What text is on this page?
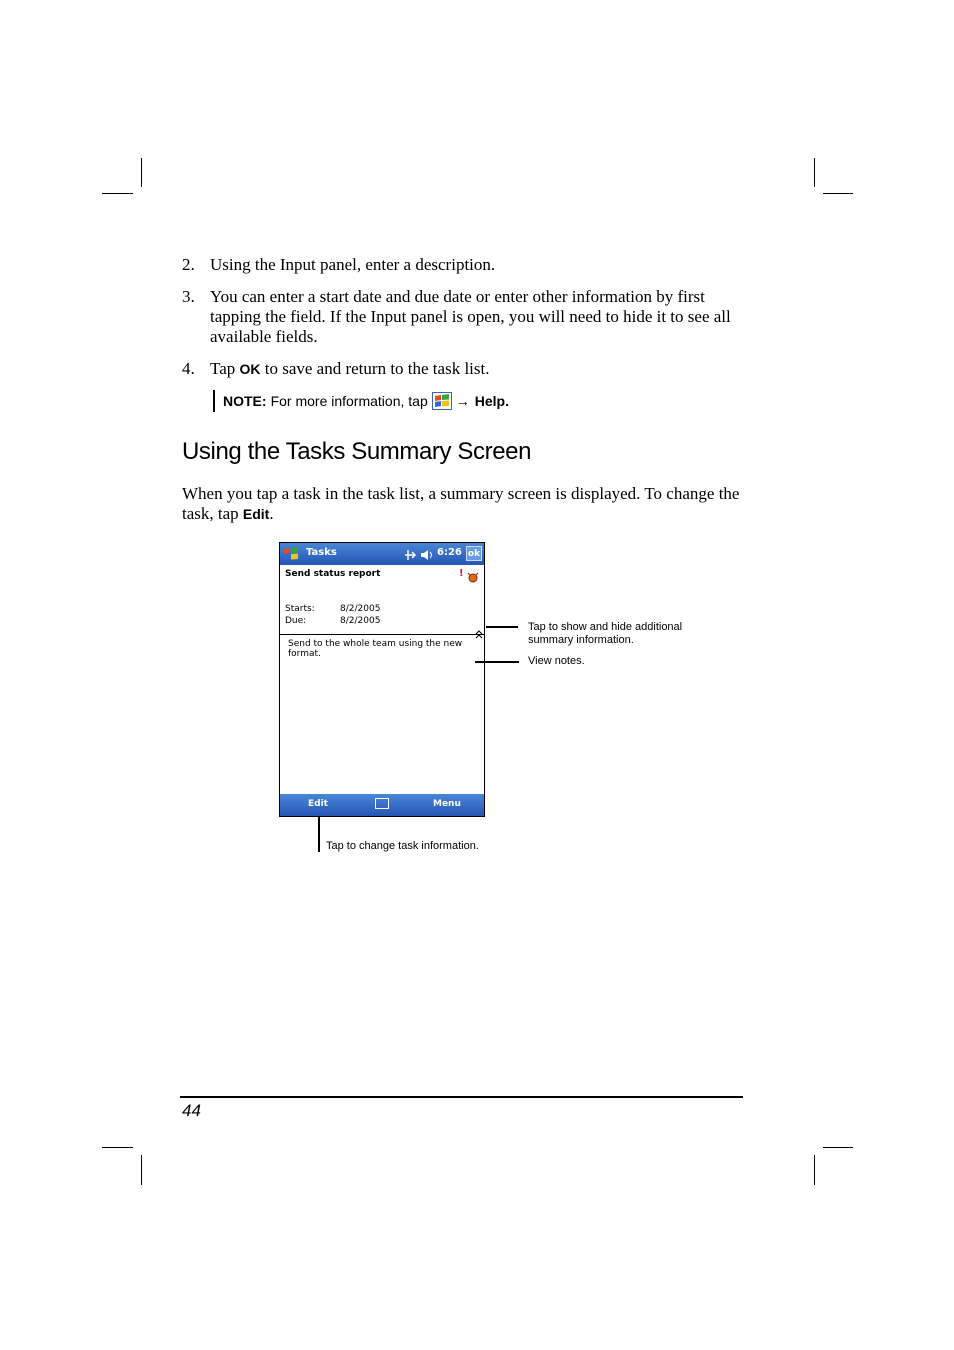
2. Using the Input panel, enter a description.
3. You can enter a start date and due date or enter other information by first tapping the field. If the Input panel is open, you will need to hide it to see all available fields.
4. Tap OK to save and return to the task list.
NOTE: For more information, tap → Help.
Using the Tasks Summary Screen
When you tap a task in the task list, a summary screen is displayed. To change the task, tap Edit.
Tasks	6:26 ok
Send status report	!
Starts:	8/2/2005
Due:	8/2/2005
Send to the whole team using the new format.
Edit	Menu
Tap to show and hide additional summary information.
View notes.
Tap to change task information.
44
